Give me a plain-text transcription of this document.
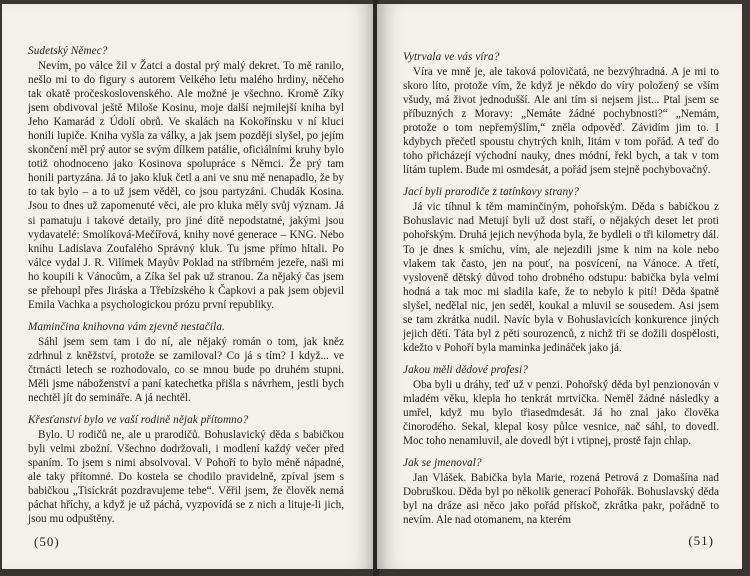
Sudetský Němec?

Nevím, po válce žil v Žatci a dostal prý malý dekret. To mě ranilo, nešlo mi to do figury s autorem Velkého letu malého hrdiny, něčeho tak okatě pročeskoslovenského. Ale možné je všechno. Kromě Zíky jsem obdivoval ještě Miloše Kosinu, moje další nejmilejší kniha byl Jeho Kamarád z Údolí obrů. Ve skalách na Kokořínsku v ní kluci honili lupiče. Kniha vyšla za války, a jak jsem později slyšel, po jejím skončení měl prý autor se svým dílkem patálie, oficiálními kruhy bylo totiž ohodnoceno jako Kosinova spolupráce s Němci. Že prý tam honili partyzána. Já to jako kluk četl a ani ve snu mě nenapadlo, že by to tak bylo – a to už jsem věděl, co jsou partyzáni. Chudák Kosina. Jsou to dnes už zapomenuté věci, ale pro kluka měly svůj význam. Já si pamatuju i takové detaily, pro jiné dítě nepodstatné, jakými jsou vydavatelé: Smolíková-Mečířová, knihy nové generace – KNG. Nebo knihu Ladislava Zoufalého Správný kluk. Tu jsme přímo hltali. Po válce vydal J. R. Vilímek Mayův Poklad na stříbrném jezeře, naši mi ho koupili k Vánocům, a Zíka šel pak už stranou. Za nějaký čas jsem se přehoupl přes Jiráska a Třebízského k Čapkovi a pak jsem objevil Emila Vachka a psychologickou prózu první republiky.

Maminčina knihovna vám zjevně nestačila.

Sáhl jsem sem tam i do ní, ale nějaký román o tom, jak kněz zdrhnul z kněžství, protože se zamiloval? Co já s tím? I když... ve čtrnácti letech se rozhodovalo, co se mnou bude po druhém stupni. Měli jsme náboženství a paní katechetka přišla s návrhem, jestli bych nechtěl jít do semináře. A já nechtěl.

Křesťanství bylo ve vaší rodině nějak přítomno?

Bylo. U rodičů ne, ale u prarodičů. Bohuslavický děda s babičkou byli velmi zbožní. Všechno dodržovali, i modlení každý večer před spaním. To jsem s nimi absolvoval. V Pohoří to bylo méně nápadné, ale taky přítomné. Do kostela se chodilo pravidelně, zpíval jsem s babičkou „Tisíckrát pozdravujeme tebe“. Věřil jsem, že člověk nemá páchat hříchy, a když je už páchá, vyzpovídá se z nich a lituje-li jich, jsou mu odpuštěny.

(50)

Vytrvala ve vás víra?

Víra ve mně je, ale taková polovičatá, ne bezvýhradná. A je mi to skoro líto, protože vím, že když je někdo do víry položený se vším všudy, má život jednodušší. Ale ani tím si nejsem jist... Ptal jsem se příbuzných z Moravy: „Nemáte žádné pochybnosti?“ „Nemám, protože o tom nepřemýšlím,“ zněla odpověď. Závidím jim to. I kdybych přečetl spoustu chytrých knih, litám v tom pořád. A teď do toho přicházejí východní nauky, dnes módní, řekl bych, a tak v tom lítám tuplem. Bude mi osmdesát, a pořád jsem stejně pochybovačný.

Jací byli prarodiče z tatínkovy strany?

Já vic tíhnul k těm maminčiným, pohořským. Děda s babičkou z Bohuslavic nad Metují byli už dost staří, o nějakých deset let proti pohořským. Druhá jejich nevýhoda byla, že bydleli o tři kilometry dál. To je dnes k smíchu, vím, ale nejezdili jsme k nim na kole nebo vlakem tak často, jen na pouť, na posvícení, na Vánoce. A třetí, vysloveně dětský důvod toho drobného odstupu: babička byla velmi hodná a tak moc mi sladila kafe, že to nebylo k pití! Děda špatně slyšel, nedělal nic, jen seděl, koukal a mluvil se sousedem. Asi jsem se tam zkrátka nudil. Navíc byla v Bohuslavicích konkurence jiných jejich dětí. Táta byl z pěti sourozenců, z nichž tři se dožili dospělosti, kdežto v Pohoří byla maminka jedináček jako já.

Jakou měli dědové profesi?

Oba byli u dráhy, teď už v penzi. Pohořský děda byl penzionován v mladém věku, klepla ho tenkrát mrtvička. Neměl žádné následky a umřel, když mu bylo třiasedmdesát. Já ho znal jako člověka činorodého. Sekal, klepal kosy půlce vesnice, nač sáhl, to dovedl. Moc toho nenamluvil, ale dovedl být i vtipnej, prostě fajn chlap.

Jak se jmenoval?

Jan Vlášek. Babička byla Marie, rozená Petrová z Domašína nad Dobruškou. Děda byl po několik generací Pohořák. Bohuslavský děda byl na dráze asi něco jako pořád přískoč, zkrátka pakr, pořádně to nevím. Ale nad otomanem, na kterém

(51)
